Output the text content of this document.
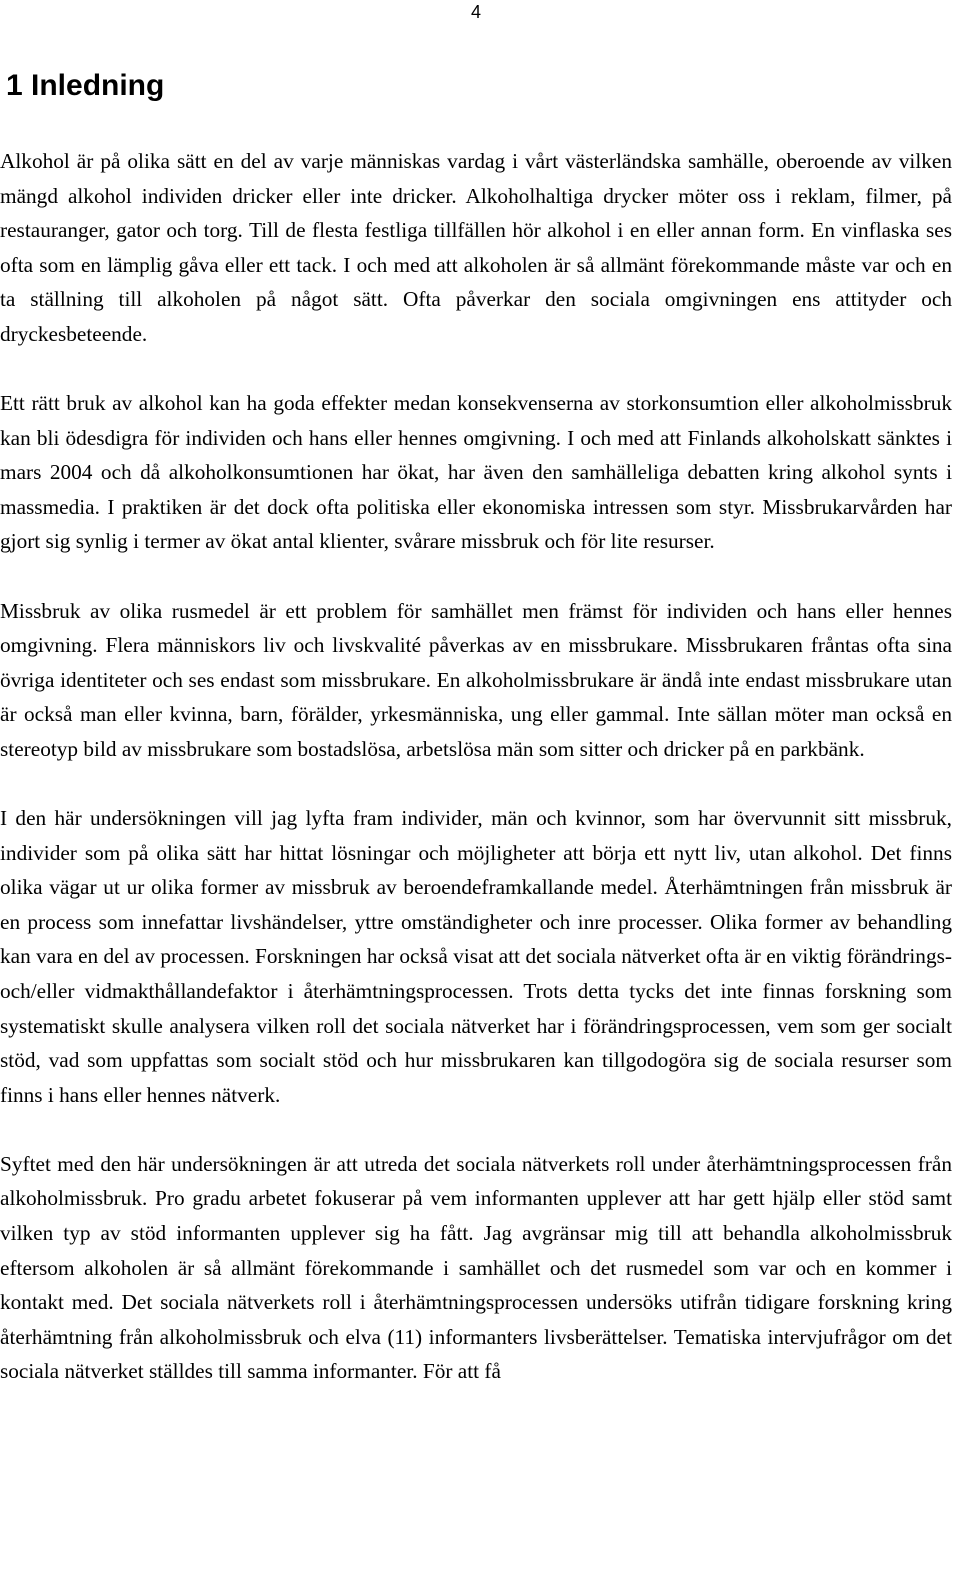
4
1 Inledning

Alkohol är på olika sätt en del av varje människas vardag i vårt västerländska samhälle, oberoende av vilken mängd alkohol individen dricker eller inte dricker. Alkoholhaltiga drycker möter oss i reklam, filmer, på restauranger, gator och torg. Till de flesta festliga tillfällen hör alkohol i en eller annan form. En vinflaska ses ofta som en lämplig gåva eller ett tack. I och med att alkoholen är så allmänt förekommande måste var och en ta ställning till alkoholen på något sätt. Ofta påverkar den sociala omgivningen ens attityder och dryckesbeteende.

Ett rätt bruk av alkohol kan ha goda effekter medan konsekvenserna av storkonsumtion eller alkoholmissbruk kan bli ödesdigra för individen och hans eller hennes omgivning. I och med att Finlands alkoholskatt sänktes i mars 2004 och då alkoholkonsumtionen har ökat, har även den samhälleliga debatten kring alkohol synts i massmedia. I praktiken är det dock ofta politiska eller ekonomiska intressen som styr. Missbrukarvården har gjort sig synlig i termer av ökat antal klienter, svårare missbruk och för lite resurser.

Missbruk av olika rusmedel är ett problem för samhället men främst för individen och hans eller hennes omgivning. Flera människors liv och livskvalité påverkas av en missbrukare. Missbrukaren fråntas ofta sina övriga identiteter och ses endast som missbrukare. En alkoholmissbrukare är ändå inte endast missbrukare utan är också man eller kvinna, barn, förälder, yrkesmänniska, ung eller gammal. Inte sällan möter man också en stereotyp bild av missbrukare som bostadslösa, arbetslösa män som sitter och dricker på en parkbänk.

I den här undersökningen vill jag lyfta fram individer, män och kvinnor, som har övervunnit sitt missbruk, individer som på olika sätt har hittat lösningar och möjligheter att börja ett nytt liv, utan alkohol. Det finns olika vägar ut ur olika former av missbruk av beroendeframkallande medel. Återhämtningen från missbruk är en process som innefattar livshändelser, yttre omständigheter och inre processer. Olika former av behandling kan vara en del av processen. Forskningen har också visat att det sociala nätverket ofta är en viktig förändrings- och/eller vidmakthållandefaktor i återhämtningsprocessen. Trots detta tycks det inte finnas forskning som systematiskt skulle analysera vilken roll det sociala nätverket har i förändringsprocessen, vem som ger socialt stöd, vad som uppfattas som socialt stöd och hur missbrukaren kan tillgodogöra sig de sociala resurser som finns i hans eller hennes nätverk.

Syftet med den här undersökningen är att utreda det sociala nätverkets roll under återhämtningsprocessen från alkoholmissbruk. Pro gradu arbetet fokuserar på vem informanten upplever att har gett hjälp eller stöd samt vilken typ av stöd informanten upplever sig ha fått. Jag avgränsar mig till att behandla alkoholmissbruk eftersom alkoholen är så allmänt förekommande i samhället och det rusmedel som var och en kommer i kontakt med. Det sociala nätverkets roll i återhämtningsprocessen undersöks utifrån tidigare forskning kring återhämtning från alkoholmissbruk och elva (11) informanters livsberättelser. Tematiska intervjufrågor om det sociala nätverket ställdes till samma informanter. För att få
